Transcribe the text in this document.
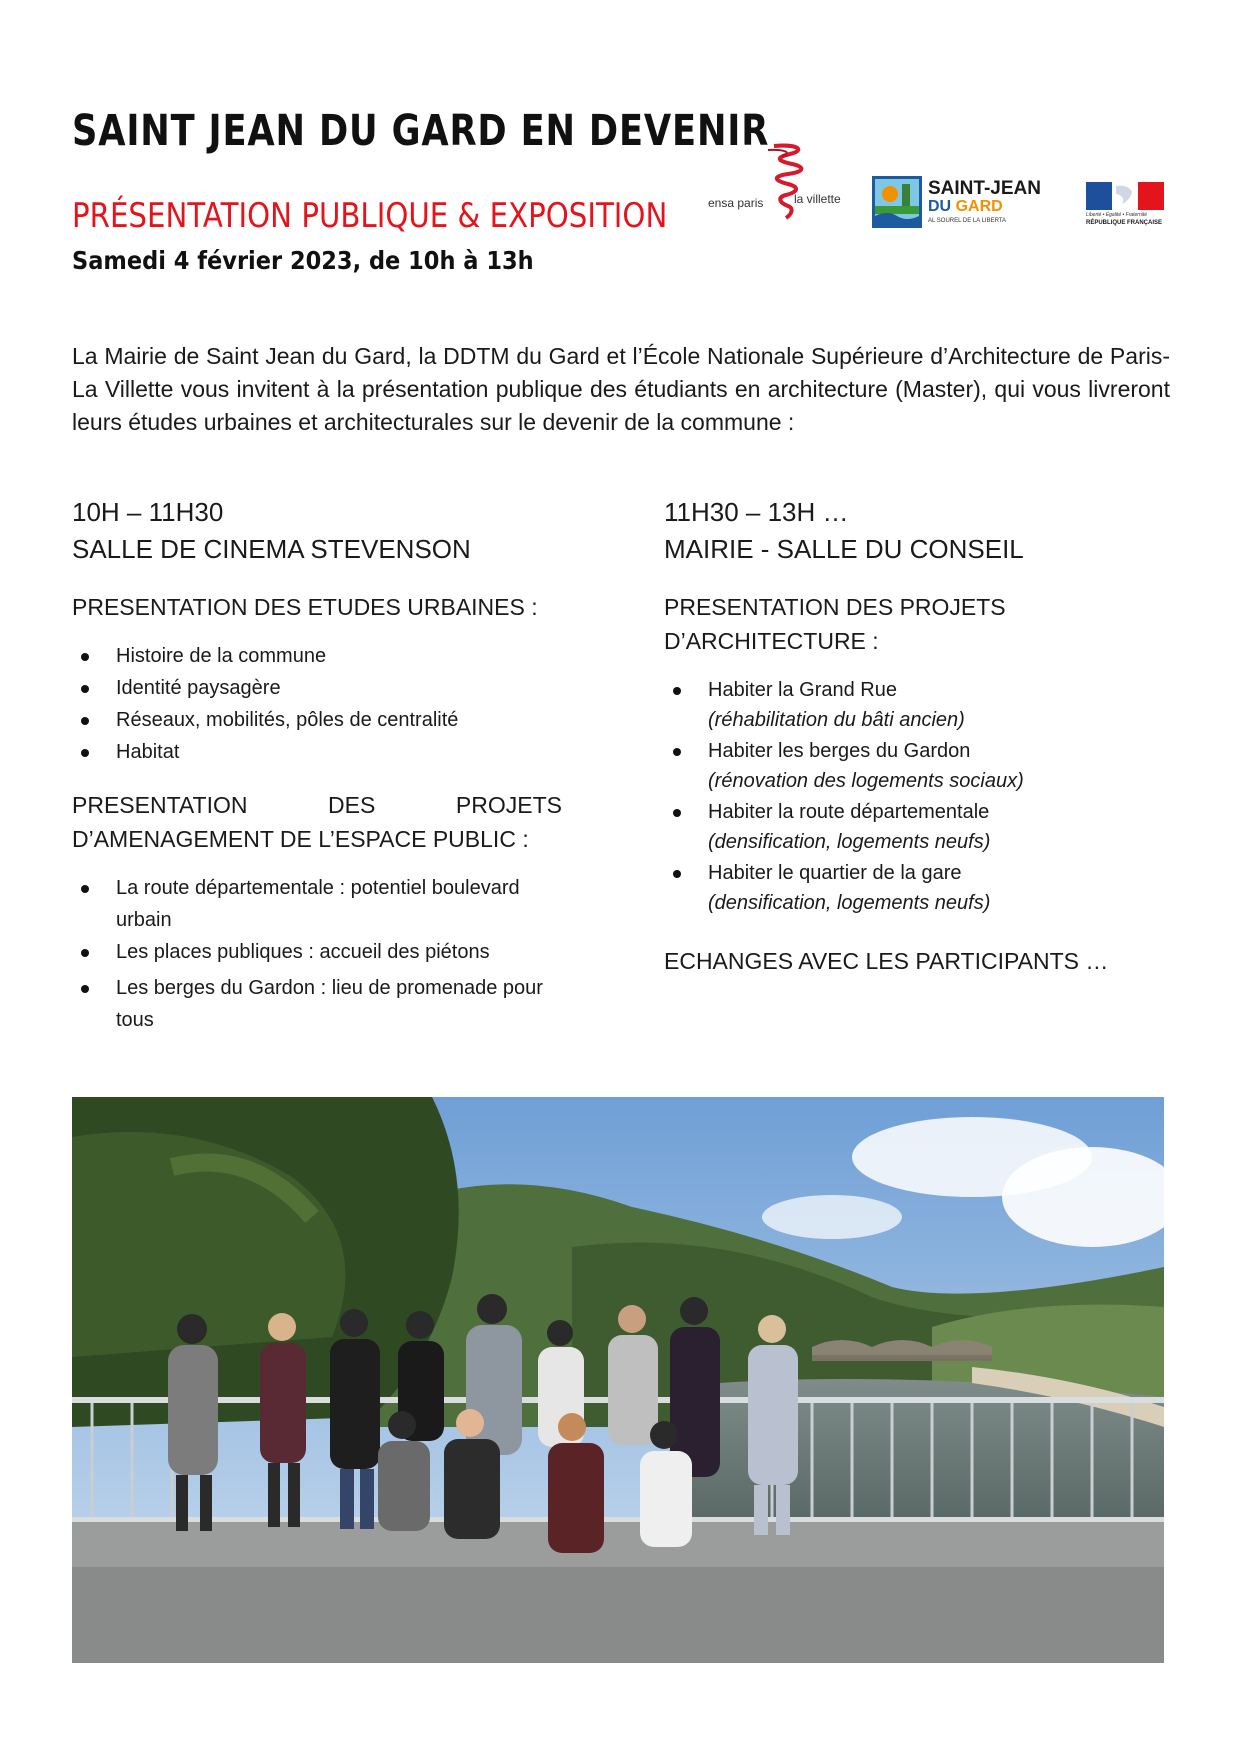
SAINT JEAN DU GARD EN DEVENIR
PRÉSENTATION PUBLIQUE & EXPOSITION
Samedi 4 février 2023, de 10h à 13h
ensa paris	la villette	SAINT-JEAN
DU GARD
AL SOUREL DE LA LIBERTA
Liberté • Égalité • Fraternité
RÉPUBLIQUE FRANÇAISE
La Mairie de Saint Jean du Gard, la DDTM du Gard et l’École Nationale Supérieure d’Architecture de Paris-La Villette vous invitent à la présentation publique des étudiants en architecture (Master), qui vous livreront leurs études urbaines et architecturales sur le devenir de la commune :
10H – 11H30
SALLE DE CINEMA STEVENSON
PRESENTATION DES ETUDES URBAINES :
Histoire de la commune
Identité paysagère
Réseaux, mobilités, pôles de centralité
Habitat
PRESENTATION DES PROJETS D’AMENAGEMENT DE L’ESPACE PUBLIC :
La route départementale : potentiel boulevard urbain
Les places publiques : accueil des piétons
Les berges du Gardon : lieu de promenade pour tous
11H30 – 13H …
MAIRIE - SALLE DU CONSEIL
PRESENTATION DES PROJETS D’ARCHITECTURE :
Habiter la Grand Rue
(réhabilitation du bâti ancien)
Habiter les berges du Gardon
(rénovation des logements sociaux)
Habiter la route départementale
(densification, logements neufs)
Habiter le quartier de la gare
(densification, logements neufs)
ECHANGES AVEC LES PARTICIPANTS …
